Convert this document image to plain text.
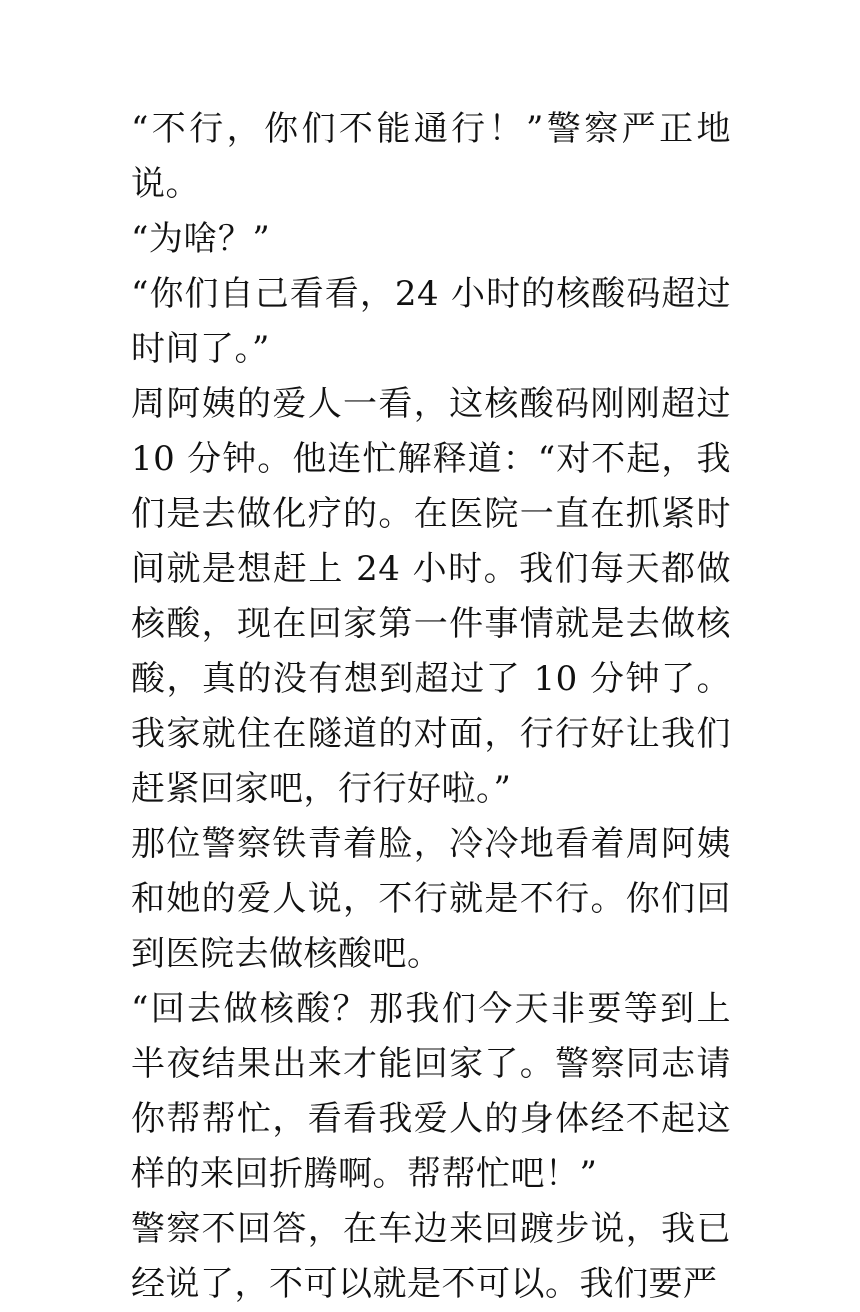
“不行，你们不能通行！”警察严正地说。

“为啥？”

“你们自己看看，24 小时的核酸码超过时间了。”

周阿姨的爱人一看，这核酸码刚刚超过 10 分钟。他连忙解释道：“对不起，我们是去做化疗的。在医院一直在抓紧时间就是想赶上 24 小时。我们每天都做核酸，现在回家第一件事情就是去做核酸，真的没有想到超过了 10 分钟了。我家就住在隧道的对面，行行好让我们赶紧回家吧，行行好啦。”

那位警察铁青着脸，冷冷地看着周阿姨和她的爱人说，不行就是不行。你们回到医院去做核酸吧。

“回去做核酸？那我们今天非要等到上半夜结果出来才能回家了。警察同志请你帮帮忙，看看我爱人的身体经不起这样的来回折腾啊。帮帮忙吧！”

警察不回答，在车边来回踱步说，我已经说了，不可以就是不可以。我们要严
